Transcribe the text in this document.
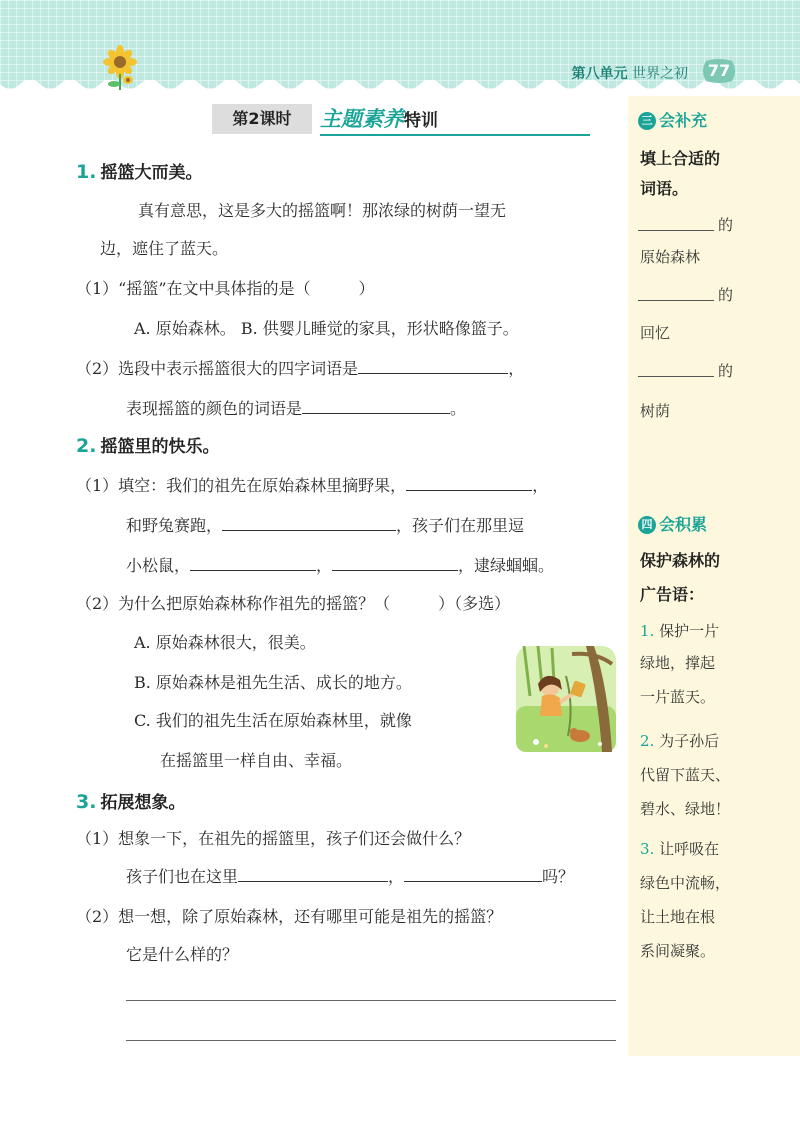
第八单元 世界之初	77
第2课时	主题素养特训
1. 摇篮大而美。
真有意思，这是多大的摇篮啊！那浓绿的树荫一望无
边，遮住了蓝天。
（1）“摇篮”在文中具体指的是（　　　）
A. 原始森林。 B. 供婴儿睡觉的家具，形状略像篮子。
（2）选段中表示摇篮很大的四字词语是	，
表现摇篮的颜色的词语是	。
2. 摇篮里的快乐。
（1）填空：我们的祖先在原始森林里摘野果，	，
和野兔赛跑，	，孩子们在那里逗
小松鼠，	，	，逮绿蝈蝈。
（2）为什么把原始森林称作祖先的摇篮？（　　　）（多选）
A. 原始森林很大，很美。
B. 原始森林是祖先生活、成长的地方。
C. 我们的祖先生活在原始森林里，就像
在摇篮里一样自由、幸福。
3. 拓展想象。
（1）想象一下，在祖先的摇篮里，孩子们还会做什么？
孩子们也在这里	，	吗？
（2）想一想，除了原始森林，还有哪里可能是祖先的摇篮？
它是什么样的？
三 会补充
填上合适的
词语。
的
原始森林
的
回忆
的
树荫
四 会积累
保护森林的
广告语：
1. 保护一片
绿地，撑起
一片蓝天。
2. 为子孙后
代留下蓝天、
碧水、绿地！
3. 让呼吸在
绿色中流畅，
让土地在根
系间凝聚。
